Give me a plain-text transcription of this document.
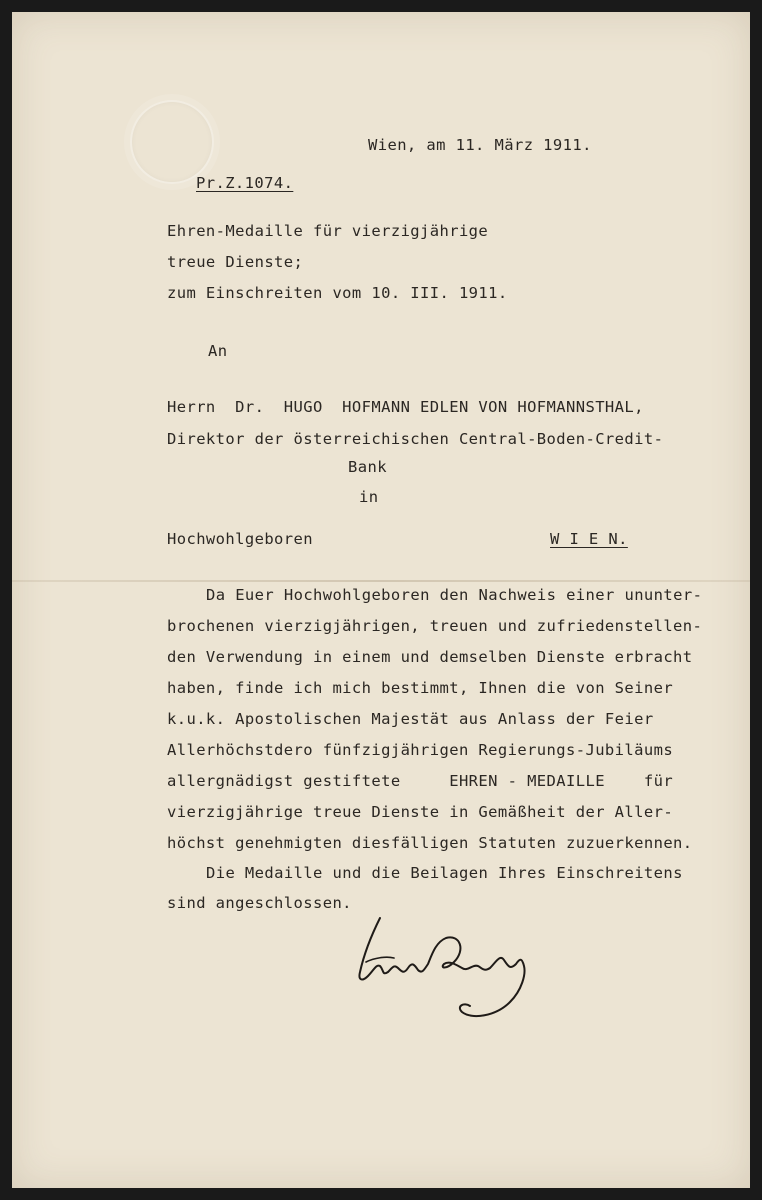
Wien, am 11. März 1911.
Pr.Z.1074.
Ehren-Medaille für vierzigjährige
treue Dienste;
zum Einschreiten vom 10. III. 1911.
An
Herrn  Dr.  HUGO  HOFMANN EDLEN VON HOFMANNSTHAL,
Direktor der österreichischen Central-Boden-Credit-
Bank
in
Hochwohlgeboren	W I E N.
Da Euer Hochwohlgeboren den Nachweis einer ununter-
brochenen vierzigjährigen, treuen und zufriedenstellen-
den Verwendung in einem und demselben Dienste erbracht
haben, finde ich mich bestimmt, Ihnen die von Seiner
k.u.k. Apostolischen Majestät aus Anlass der Feier
Allerhöchstdero fünfzigjährigen Regierungs-Jubiläums
allergnädigst gestiftete     EHREN - MEDAILLE    für
vierzigjährige treue Dienste in Gemäßheit der Aller-
höchst genehmigten diesfälligen Statuten zuzuerkennen.
Die Medaille und die Beilagen Ihres Einschreitens
sind angeschlossen.
